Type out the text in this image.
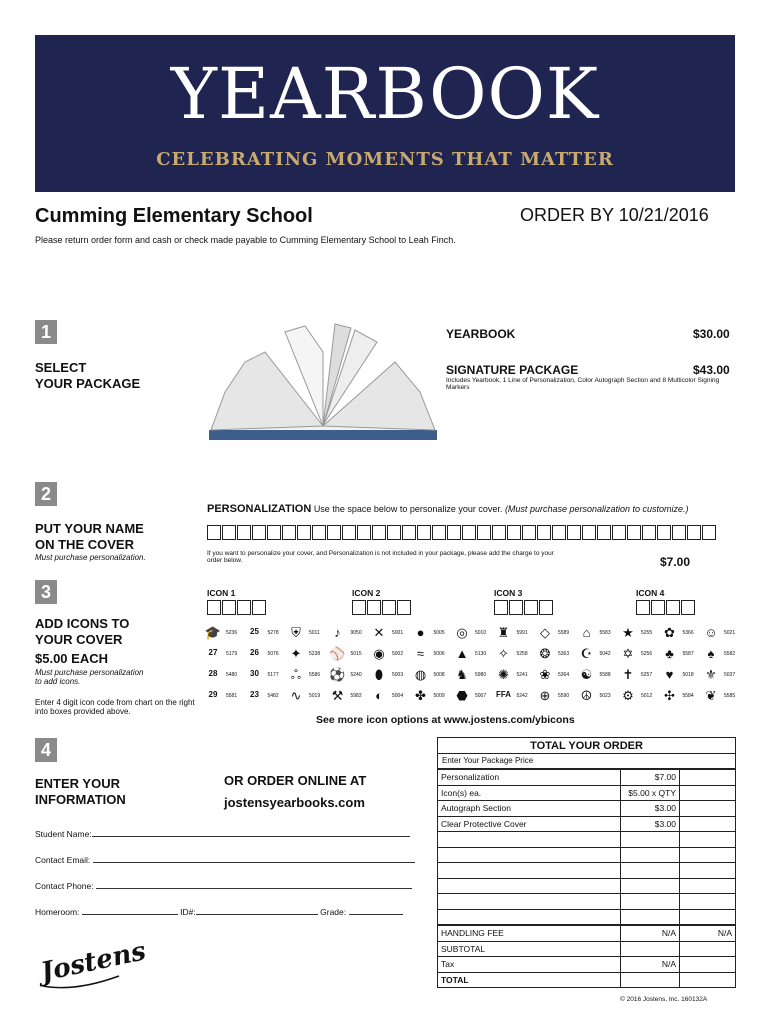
YEARBOOK
CELEBRATING MOMENTS THAT MATTER
Cumming Elementary School	ORDER BY 10/21/2016
Please return order form and cash or check made payable to Cumming Elementary School to Leah Finch.
1
SELECT
YOUR PACKAGE
YEARBOOK	$30.00
SIGNATURE PACKAGE	$43.00
Includes Yearbook, 1 Line of Personalization, Color Autograph Section and 8 Multicolor Signing Markers
2
PUT YOUR NAME
ON THE COVER
Must purchase personalization.
PERSONALIZATION Use the space below to personalize your cover. (Must purchase personalization to customize.)
If you want to personalize your cover, and Personalization is not included in your package, please add the charge to your order below.	$7.00
3
ADD ICONS TO
YOUR COVER
$5.00 EACH
Must purchase personalization
to add icons.
Enter 4 digit icon code from chart on the right into boxes provided above.
ICON 1	ICON 2	ICON 3	ICON 4
🎓 5236	25	5278 ⛨	5011	♪	9050 ✕	5001	●	5005 ◎	5010 ♜	5991 ◇	5589	⌂	5583 ★	5255 ✿	5366 ☺ 5021
27	5179	26	5076 ✦	5238 ⚾ 5015 ◉	5002	≈	5006 ▲	5130 ✧	5258 ❂	5363 ☪	5042 ✡	5256 ♣	5587	♠	5582
28	5480	30	5177 ஃ	5586 ⚽ 5240	⬮	5003 ◍	5008 ♞	5980 ✺	5241 ❀	5364 ☯	5588 ✝	5257	♥	5018 ⚜	5037
29	5581	23	5482 ∿	5019 ⚒	5982	◐	5004 ✤	5009 ⬣	5007 FFA 5242 ⊕	5590 ☮	5023 ⚙	5012 ✣	5584 ❦	5585
See more icon options at www.jostens.com/ybicons
4
ENTER YOUR
INFORMATION
OR ORDER ONLINE AT
jostensyearbooks.com
Student Name:
Contact Email:
Contact Phone:
Homeroom:	ID#:	Grade:
Jostens
TOTAL YOUR ORDER
Enter Your Package Price
Personalization	$7.00	
Icon(s) ea.	$5.00 x QTY	
Autograph Section	$3.00	
Clear Protective Cover	$3.00	

HANDLING FEE	N/A	N/A
SUBTOTAL		
Tax	N/A	
TOTAL		
© 2016 Jostens, Inc. 160132A
